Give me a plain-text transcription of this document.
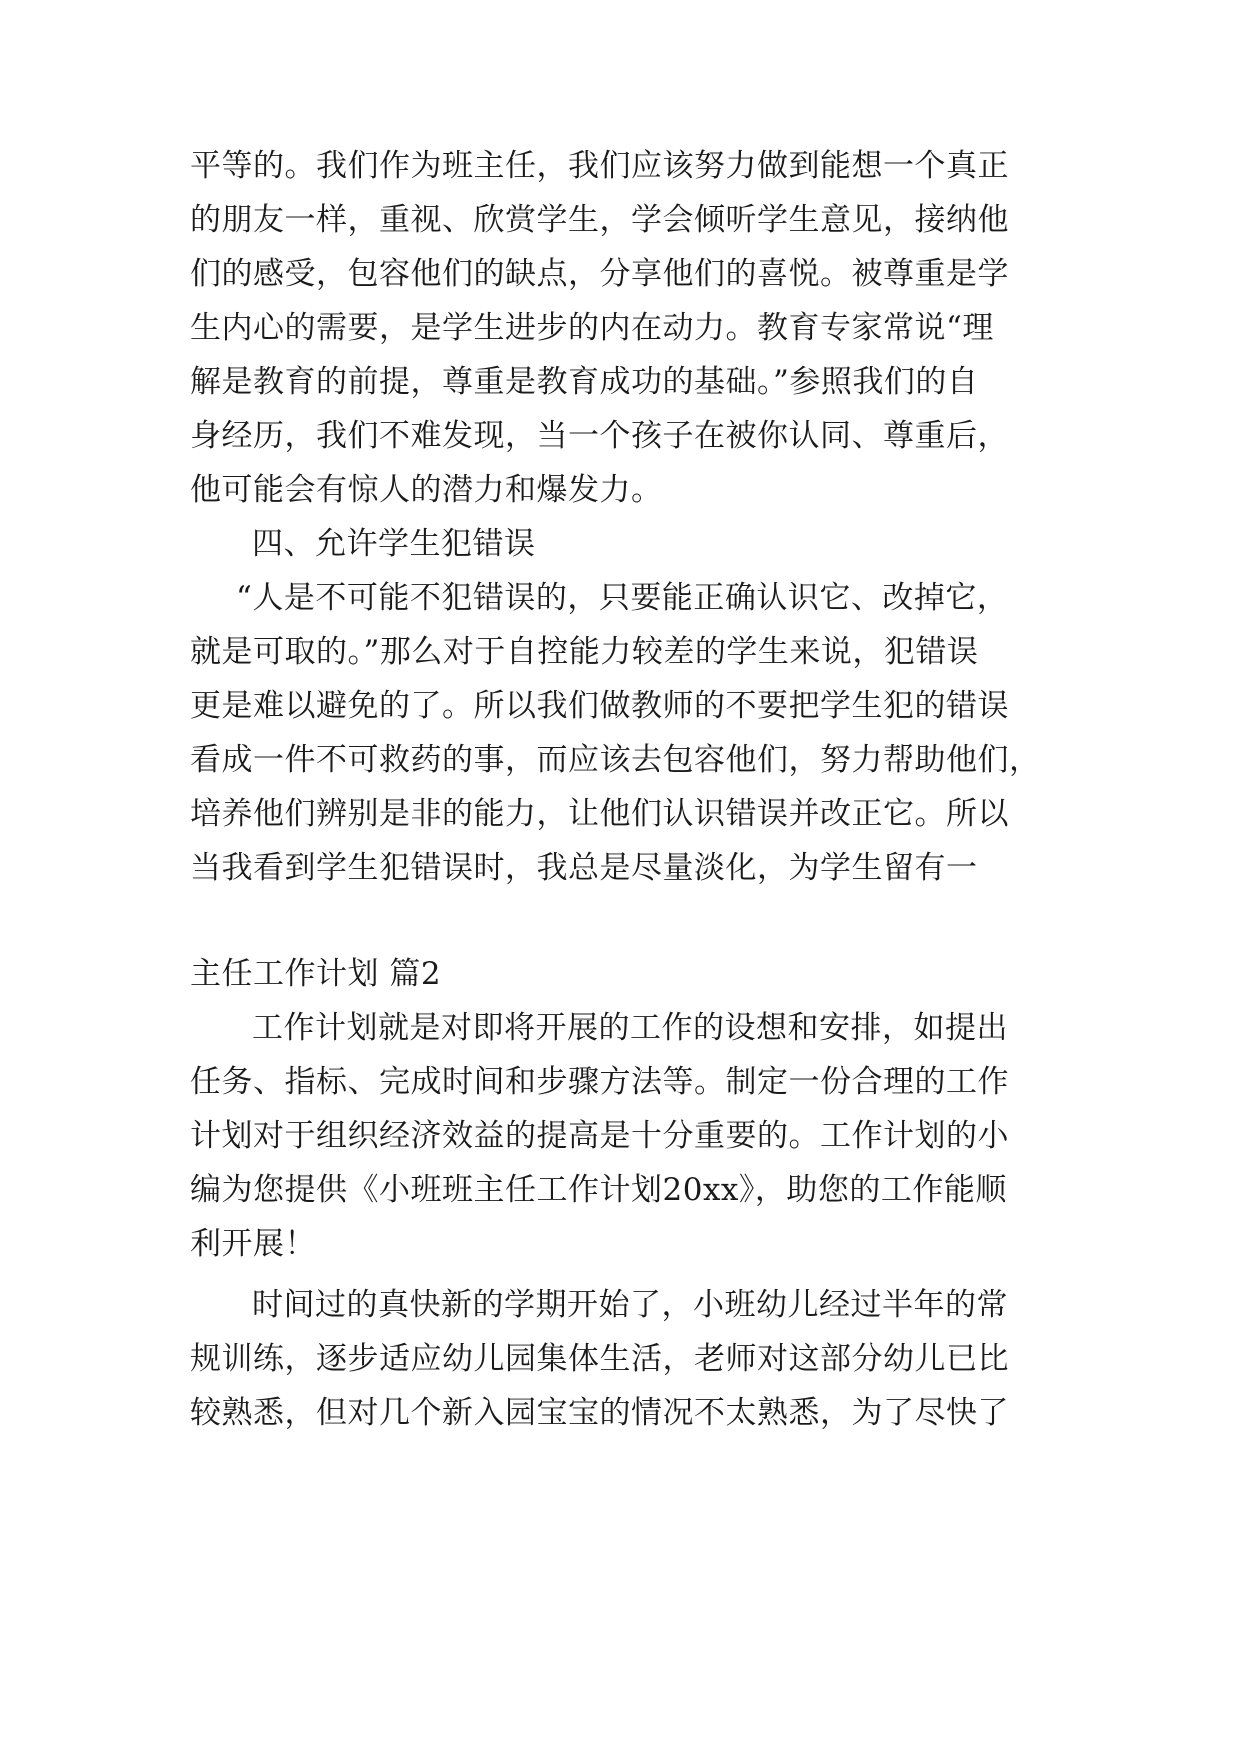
平等的。我们作为班主任，我们应该努力做到能想一个真正
的朋友一样，重视、欣赏学生，学会倾听学生意见，接纳他
们的感受，包容他们的缺点，分享他们的喜悦。被尊重是学
生内心的需要，是学生进步的内在动力。教育专家常说“理
解是教育的前提，尊重是教育成功的基础。”参照我们的自
身经历，我们不难发现，当一个孩子在被你认同、尊重后，
他可能会有惊人的潜力和爆发力。
四、允许学生犯错误
“人是不可能不犯错误的，只要能正确认识它、改掉它，
就是可取的。”那么对于自控能力较差的学生来说，犯错误
更是难以避免的了。所以我们做教师的不要把学生犯的错误
看成一件不可救药的事，而应该去包容他们，努力帮助他们，
培养他们辨别是非的能力，让他们认识错误并改正它。所以
当我看到学生犯错误时，我总是尽量淡化，为学生留有一
主任工作计划 篇2
工作计划就是对即将开展的工作的设想和安排，如提出
任务、指标、完成时间和步骤方法等。制定一份合理的工作
计划对于组织经济效益的提高是十分重要的。工作计划的小
编为您提供《小班班主任工作计划20xx》，助您的工作能顺
利开展！
时间过的真快新的学期开始了，小班幼儿经过半年的常
规训练，逐步适应幼儿园集体生活，老师对这部分幼儿已比
较熟悉，但对几个新入园宝宝的情况不太熟悉，为了尽快了
